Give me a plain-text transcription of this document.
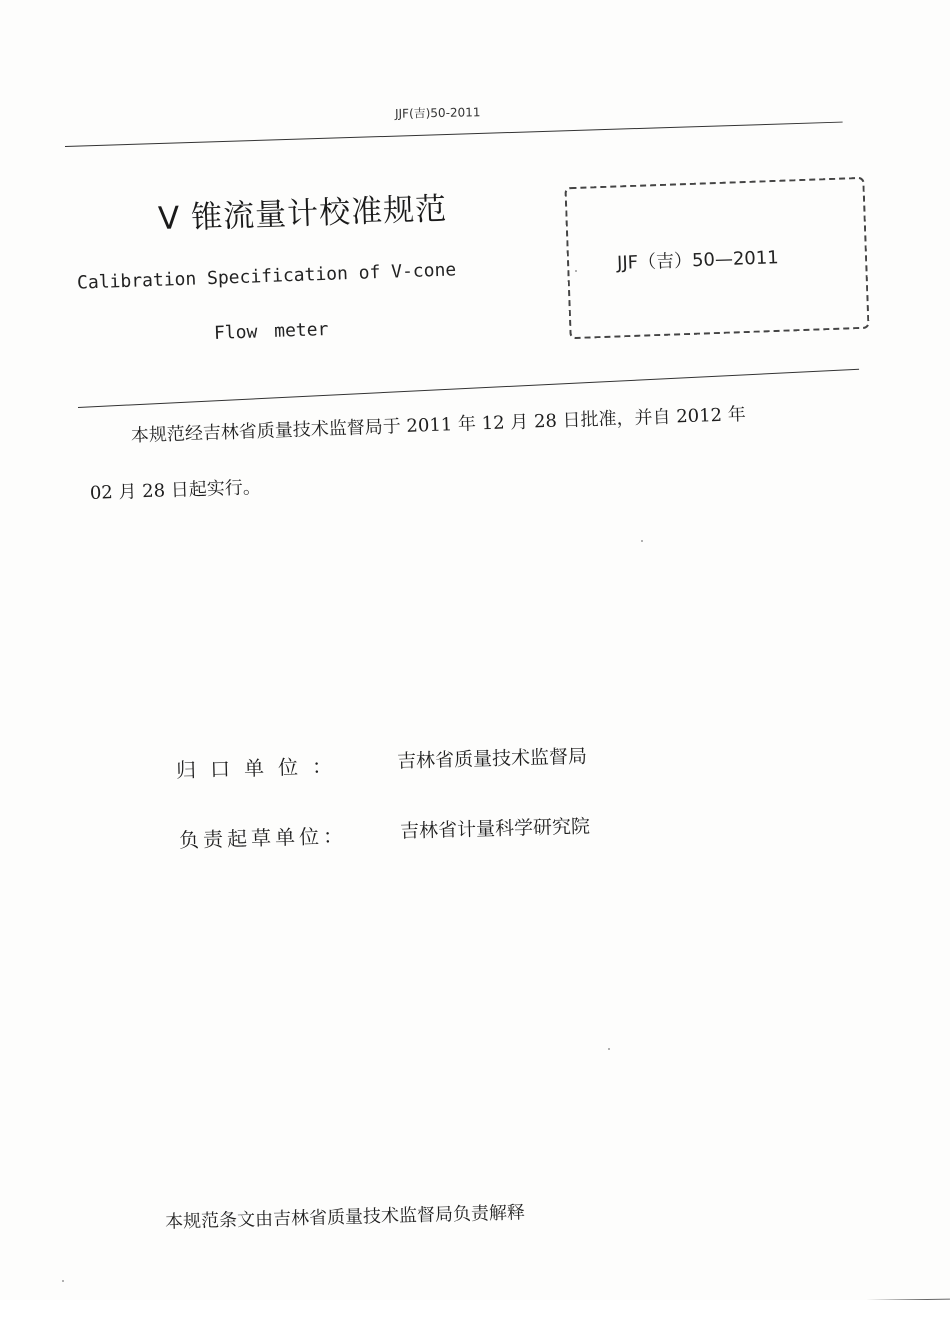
JJF(吉)50-2011
V 锥流量计校准规范
Calibration Specification of V-cone
Flow meter
JJF（吉）50—2011
本规范经吉林省质量技术监督局于 2011 年 12 月 28 日批准，并自 2012 年
02 月 28 日起实行。
归口单位：	吉林省质量技术监督局
负责起草单位：	吉林省计量科学研究院
本规范条文由吉林省质量技术监督局负责解释
